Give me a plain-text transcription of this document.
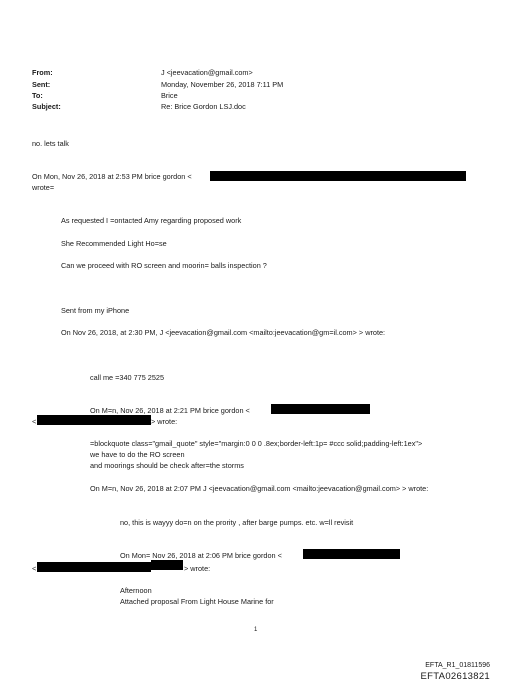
From:	J <jeevacation@gmail.com>
Sent:	Monday, November 26, 2018 7:11 PM
To:	Brice
Subject:	Re: Brice Gordon LSJ.doc
no. lets talk
On Mon, Nov 26, 2018 at 2:53 PM brice gordon <
wrote=
As requested I =ontacted Amy regarding proposed work
She Recommended Light Ho=se
Can we proceed with RO screen and moorin= balls inspection ?
Sent from my iPhone
On Nov 26, 2018, at 2:30 PM, J <jeevacation@gmail.com <mailto:jeevacation@gm=il.com> > wrote:
call me =340 775 2525
On M=n, Nov 26, 2018 at 2:21 PM brice gordon <
<	> wrote:
=blockquote class="gmail_quote" style="margin:0 0 0 .8ex;border-left:1p= #ccc solid;padding-left:1ex">
we have to do the RO screen
and moorings should be check after=the storms
On M=n, Nov 26, 2018 at 2:07 PM J <jeevacation@gmail.com <mailto:jeevacation@gmail.com> > wrote:
no, this is wayyy do=n on the prority , after barge pumps. etc. w=ll revisit
On Mon= Nov 26, 2018 at 2:06 PM brice gordon <
<	> wrote:
Afternoon
Attached proposal From Light House Marine for
1
EFTA_R1_01811596
EFTA02613821
